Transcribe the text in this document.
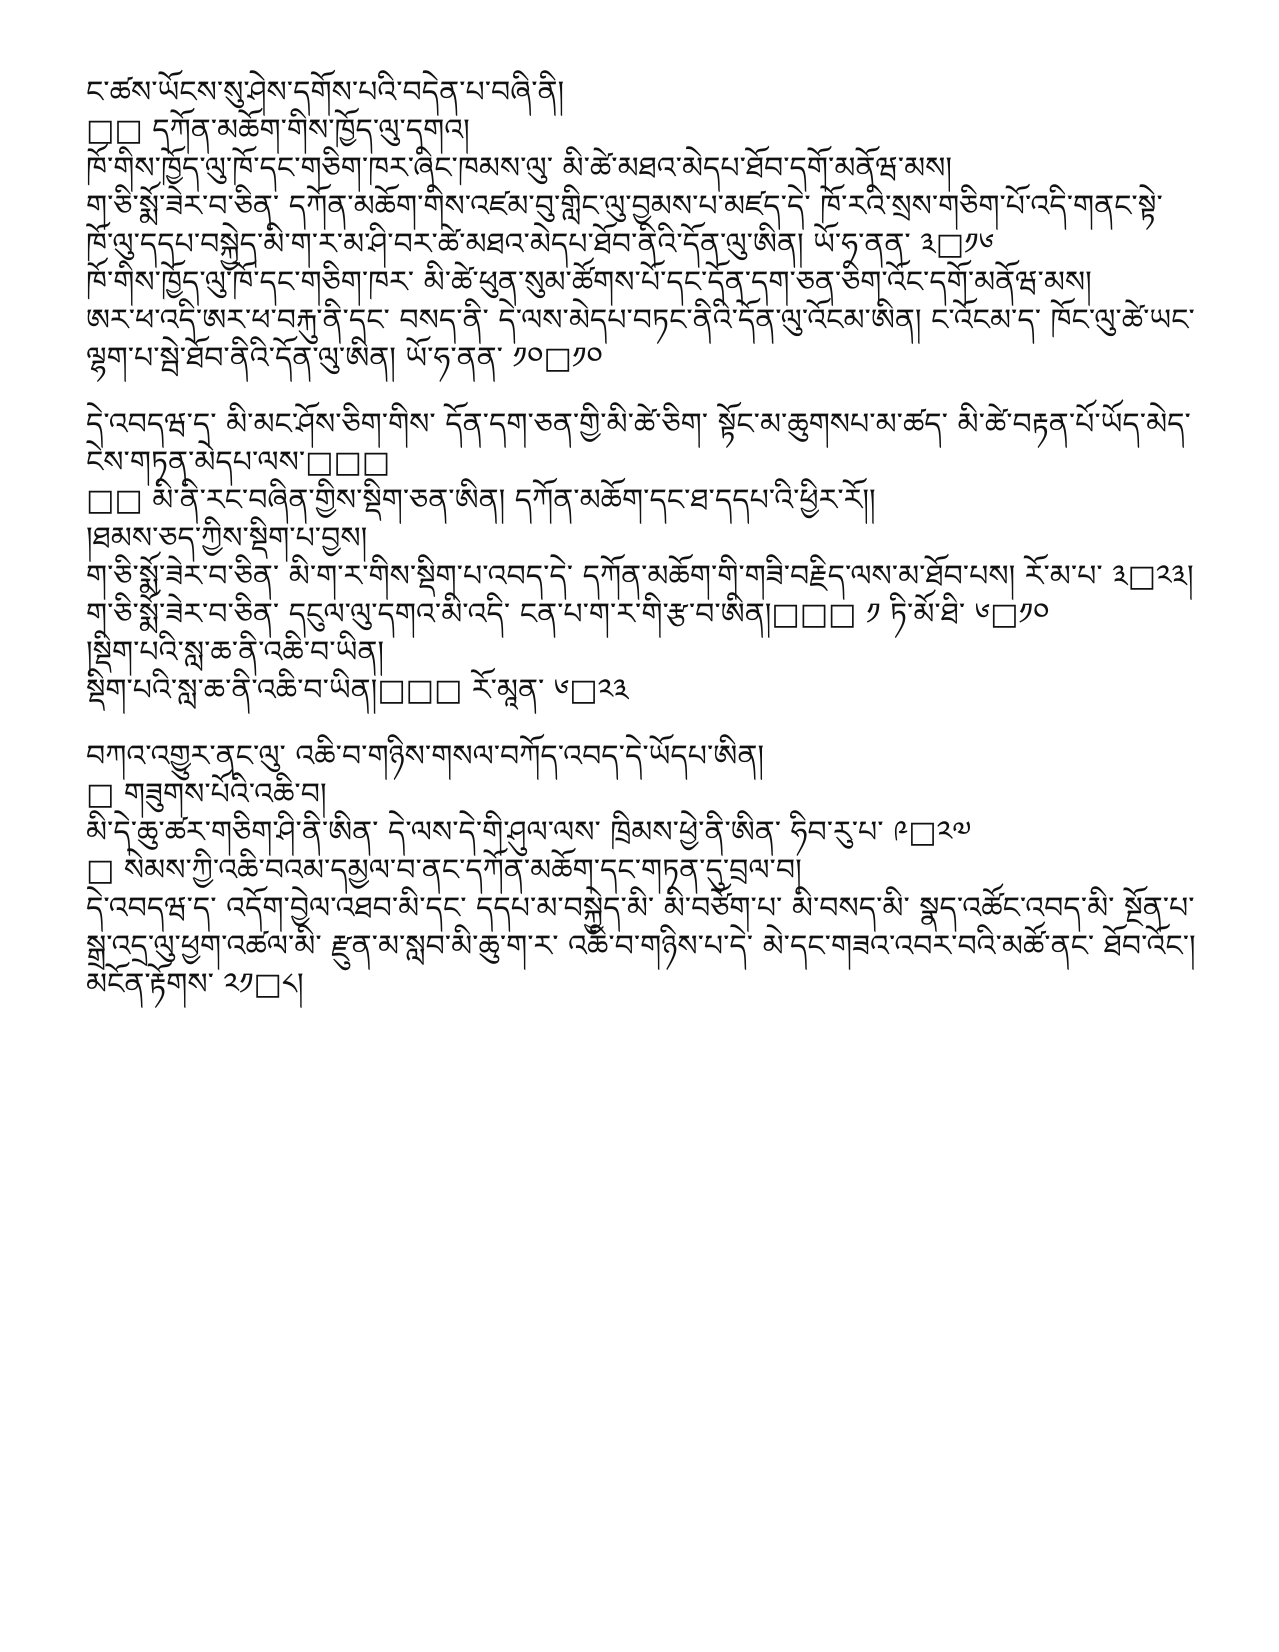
ང་ཚས་ཡོངས་སུ་ཤེས་དགོས་པའི་བདེན་པ་བཞི་ནི།
□□ དཀོན་མཆོག་གིས་ཁྱོད་ལུ་དགའ།
ཁོ་གིས་ཁྱོད་ལུ་ཁོ་དང་གཅིག་ཁར་ཞིང་ཁམས་ལུ་ མི་ཚེ་མཐའ་མེདཔ་ཐོབ་དགོ་མནོཝ་མས།
ག་ཅི་སྨོ་ཟེར་བ་ཅིན་ དཀོན་མཆོག་གིས་འཛམ་བུ་གླིང་ལུ་བྱམས་པ་མཛད་དེ་ ཁོ་རའི་སྲས་གཅིག་པོ་འདི་གནང་སྟེ་ ཁོ་ལུ་དདཔ་བསྐྱེད་མི་ག་ར་མ་ཤི་བར་ཚེ་མཐའ་མེདཔ་ཐོབ་ནིའི་དོན་ལུ་ཨིན། ཡོ་ཧ་ནན་ ༣□༡༦
ཁོ་གིས་ཁྱོད་ལུ་ཁོ་དང་གཅིག་ཁར་ མི་ཚེ་ཕུན་སུམ་ཚོགས་པོ་དང་དོན་དག་ཅན་ཅིག་འོང་དགོ་མནོཝ་མས།
ཨར་ཕ་འདི་ཨར་ཕ་བརྐུ་ནི་དང་ བསད་ནི་ དེ་ལས་མེདཔ་བཏང་ནིའི་དོན་ལུ་འོངམ་ཨིན། ང་འོངམ་ད་ ཁོང་ལུ་ཚེ་ཡང་ལྷག་པ་སྦེ་ཐོབ་ནིའི་དོན་ལུ་ཨིན། ཡོ་ཧ་ནན་ ༡༠□༡༠
དེ་འབདཝ་ད་ མི་མང་ཤོས་ཅིག་གིས་ དོན་དག་ཅན་གྱི་མི་ཚེ་ཅིག་ སྟོང་མ་ཆུགསཔ་མ་ཚད་ མི་ཚེ་བརྟན་པོ་ཡོད་མེད་ ངེས་གཏན་མེདཔ་ལས་□□□
□□ མི་ནི་རང་བཞིན་གྱིས་སྡིག་ཅན་ཨིན། དཀོན་མཆོག་དང་ཐ་དདཔ་འི་ཕྱིར་རོ།།
།ཐམས་ཅད་ཀྱིས་སྡིག་པ་བྱས།
ག་ཅི་སྨོ་ཟེར་བ་ཅིན་ མི་ག་ར་གིས་སྡིག་པ་འབད་དེ་ དཀོན་མཆོག་གི་གཟི་བརྗིད་ལས་མ་ཐོབ་པས། རོ་མ་པ་ ༣□༢༣།
ག་ཅི་སྨོ་ཟེར་བ་ཅིན་ དངུལ་ལུ་དགའ་མི་འདི་ ངན་པ་ག་ར་གི་རྩ་བ་ཨིན།□□□ ༡ ཏི་མོ་ཐི་ ༦□༡༠
།སྡིག་པའི་སླ་ཆ་ནི་འཆི་བ་ཡིན།
སྡིག་པའི་སླ་ཆ་ནི་འཆི་བ་ཡིན།□□□ རོ་མཱན་ ༦□༢༣
བཀའ་འགྱུར་ནང་ལུ་ འཆི་བ་གཉིས་གསལ་བཀོད་འབད་དེ་ཡོདཔ་ཨིན།
□ གཟུགས་པོའི་འཆི་བ།
མི་དེ་ཆུ་ཚར་གཅིག་ཤི་ནི་ཨིན་ དེ་ལས་དེ་གི་ཤུལ་ལས་ ཁྲིམས་ཕྱེ་ནི་ཨིན་ ཧིབ་རུ་པ་ ༩□༢༧
□ སེམས་ཀྱི་འཆི་བའམ་དམྱལ་བ་ནང་དཀོན་མཆོག་དང་གཏན་དུ་བྲལ་བ།
དེ་འབདཝ་ད་ འདོག་བྱེལ་འཐབ་མི་དང་ དདཔ་མ་བསྐྱེད་མི་ མི་བཙོག་པ་ མི་བསད་མི་ སྣད་འཚོང་འབད་མི་ སྔོན་པ་ སྒྲ་འདྲ་ལུ་ཕྱག་འཚལ་མི་ རྫུན་མ་སླབ་མི་ཆུ་ག་ར་ འཆི་བ་གཉིས་པ་དེ་ མེ་དང་གཟའ་འབར་བའི་མཚོ་ནང་ ཐོབ་འོང་། མངོན་རྟོགས་ ༢༡□༨།
